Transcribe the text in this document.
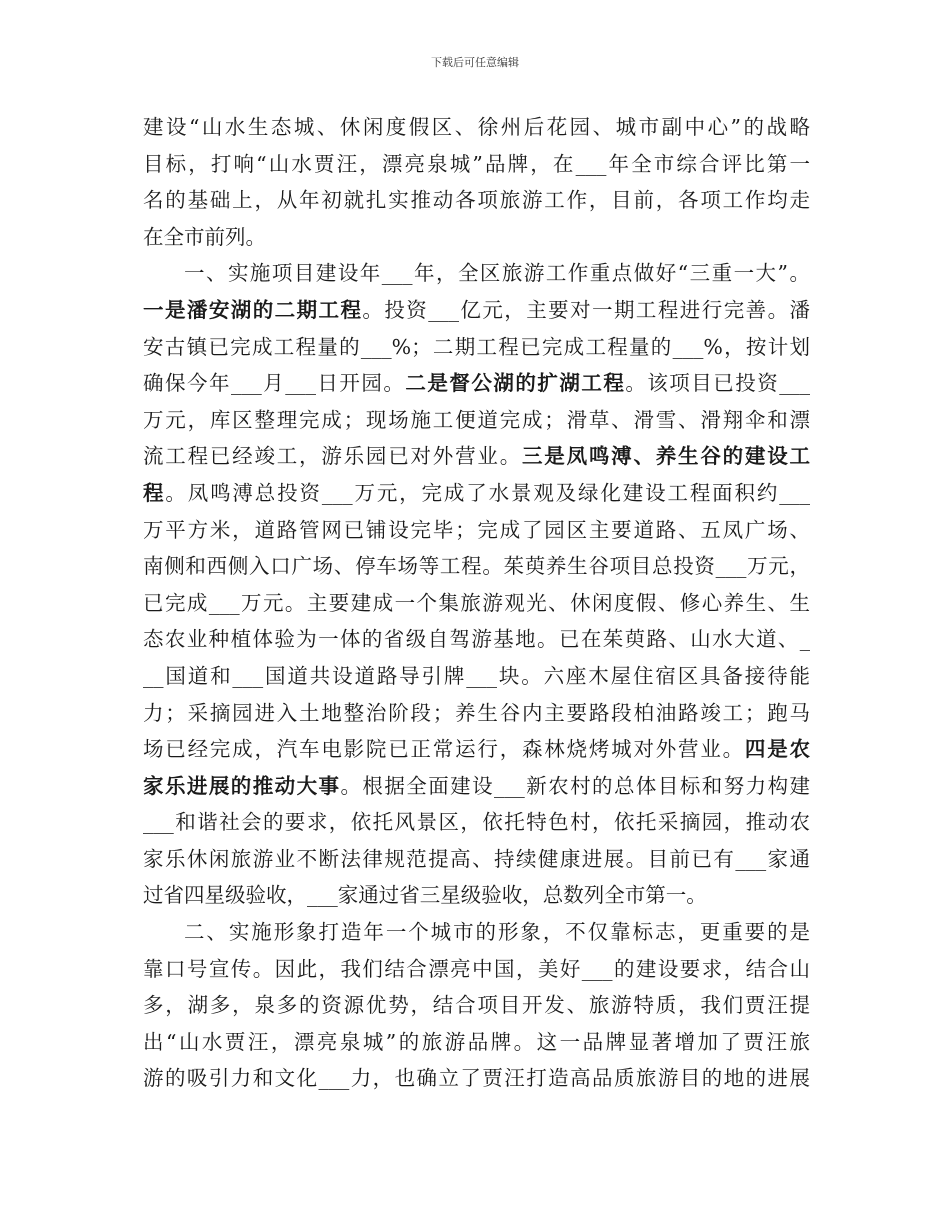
下载后可任意编辑
建设“山水生态城、休闲度假区、徐州后花园、城市副中心”的战略
目标，打响“山水贾汪，漂亮泉城”品牌，在___年全市综合评比第一
名的基础上，从年初就扎实推动各项旅游工作，目前，各项工作均走
在全市前列。
一、实施项目建设年___年，全区旅游工作重点做好“三重一大”。
一是潘安湖的二期工程。投资___亿元，主要对一期工程进行完善。潘
安古镇已完成工程量的___%；二期工程已完成工程量的___%，按计划
确保今年___月___日开园。二是督公湖的扩湖工程。该项目已投资___
万元，库区整理完成；现场施工便道完成；滑草、滑雪、滑翔伞和漂
流工程已经竣工，游乐园已对外营业。三是凤鸣溥、养生谷的建设工
程。凤鸣溥总投资___万元，完成了水景观及绿化建设工程面积约___
万平方米，道路管网已铺设完毕；完成了园区主要道路、五凤广场、
南侧和西侧入口广场、停车场等工程。茱萸养生谷项目总投资___万元，
已完成___万元。主要建成一个集旅游观光、休闲度假、修心养生、生
态农业种植体验为一体的省级自驾游基地。已在茱萸路、山水大道、_
__国道和___国道共设道路导引牌___块。六座木屋住宿区具备接待能
力；采摘园进入土地整治阶段；养生谷内主要路段柏油路竣工；跑马
场已经完成，汽车电影院已正常运行，森林烧烤城对外营业。四是农
家乐进展的推动大事。根据全面建设___新农村的总体目标和努力构建
___和谐社会的要求，依托风景区，依托特色村，依托采摘园，推动农
家乐休闲旅游业不断法律规范提高、持续健康进展。目前已有___家通
过省四星级验收，___家通过省三星级验收，总数列全市第一。
二、实施形象打造年一个城市的形象，不仅靠标志，更重要的是
靠口号宣传。因此，我们结合漂亮中国，美好___的建设要求，结合山
多，湖多，泉多的资源优势，结合项目开发、旅游特质，我们贾汪提
出“山水贾汪，漂亮泉城”的旅游品牌。这一品牌显著增加了贾汪旅
游的吸引力和文化___力，也确立了贾汪打造高品质旅游目的地的进展
